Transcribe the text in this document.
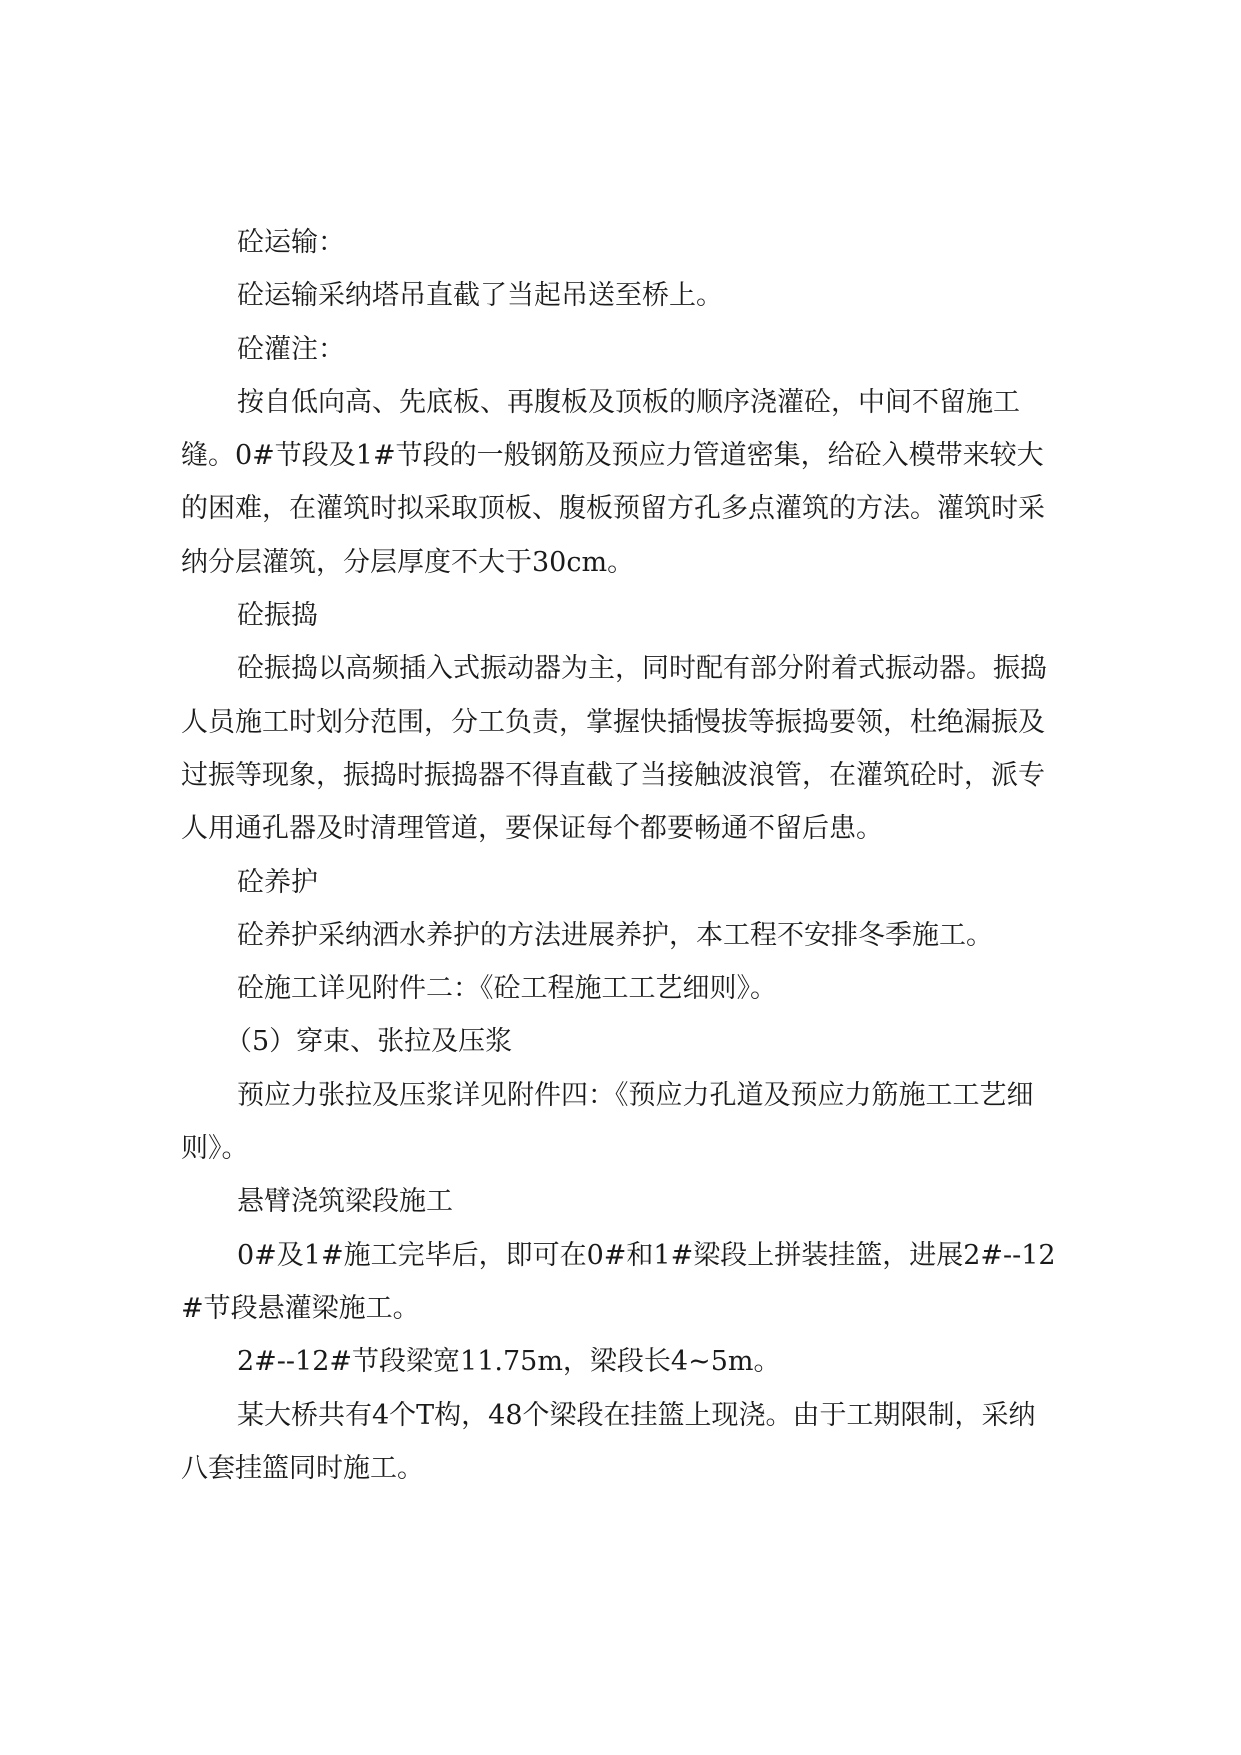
砼运输：

砼运输采纳塔吊直截了当起吊送至桥上。

砼灌注：

按自低向高、先底板、再腹板及顶板的顺序浇灌砼，中间不留施工缝。0#节段及1#节段的一般钢筋及预应力管道密集，给砼入模带来较大的困难，在灌筑时拟采取顶板、腹板预留方孔多点灌筑的方法。灌筑时采纳分层灌筑，分层厚度不大于30cm。

砼振捣

砼振捣以高频插入式振动器为主，同时配有部分附着式振动器。振捣人员施工时划分范围，分工负责，掌握快插慢拔等振捣要领，杜绝漏振及过振等现象，振捣时振捣器不得直截了当接触波浪管，在灌筑砼时，派专人用通孔器及时清理管道，要保证每个都要畅通不留后患。

砼养护

砼养护采纳洒水养护的方法进展养护，本工程不安排冬季施工。

砼施工详见附件二：《砼工程施工工艺细则》。

（5）穿束、张拉及压浆

预应力张拉及压浆详见附件四：《预应力孔道及预应力筋施工工艺细则》。

悬臂浇筑梁段施工

0#及1#施工完毕后，即可在0#和1#梁段上拼装挂篮，进展2#--12#节段悬灌梁施工。

2#--12#节段梁宽11.75m，梁段长4~5m。

某大桥共有4个T构，48个梁段在挂篮上现浇。由于工期限制，采纳八套挂篮同时施工。
